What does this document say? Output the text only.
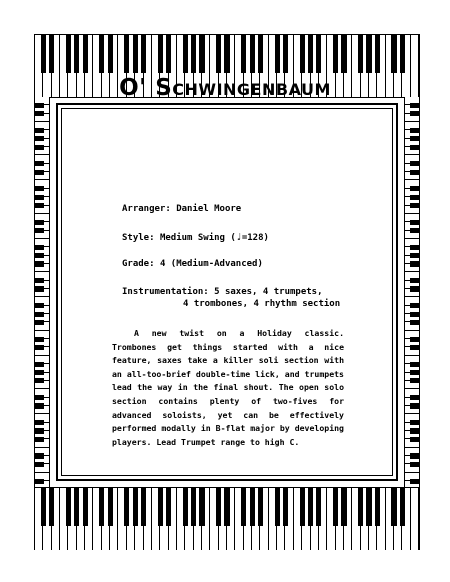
O' Schwingenbaum
Arranger: Daniel Moore
Style: Medium Swing (♩=128)
Grade: 4 (Medium-Advanced)
Instrumentation: 5 saxes, 4 trumpets,
4 trombones, 4 rhythm section
A new twist on a Holiday classic. Trombones get things started with a nice feature, saxes take a killer soli section with an all-too-brief double-time lick, and trumpets lead the way in the final shout. The open solo section contains plenty of two-fives for advanced soloists, yet can be effectively performed modally in B-flat major by developing players. Lead Trumpet range to high C.
